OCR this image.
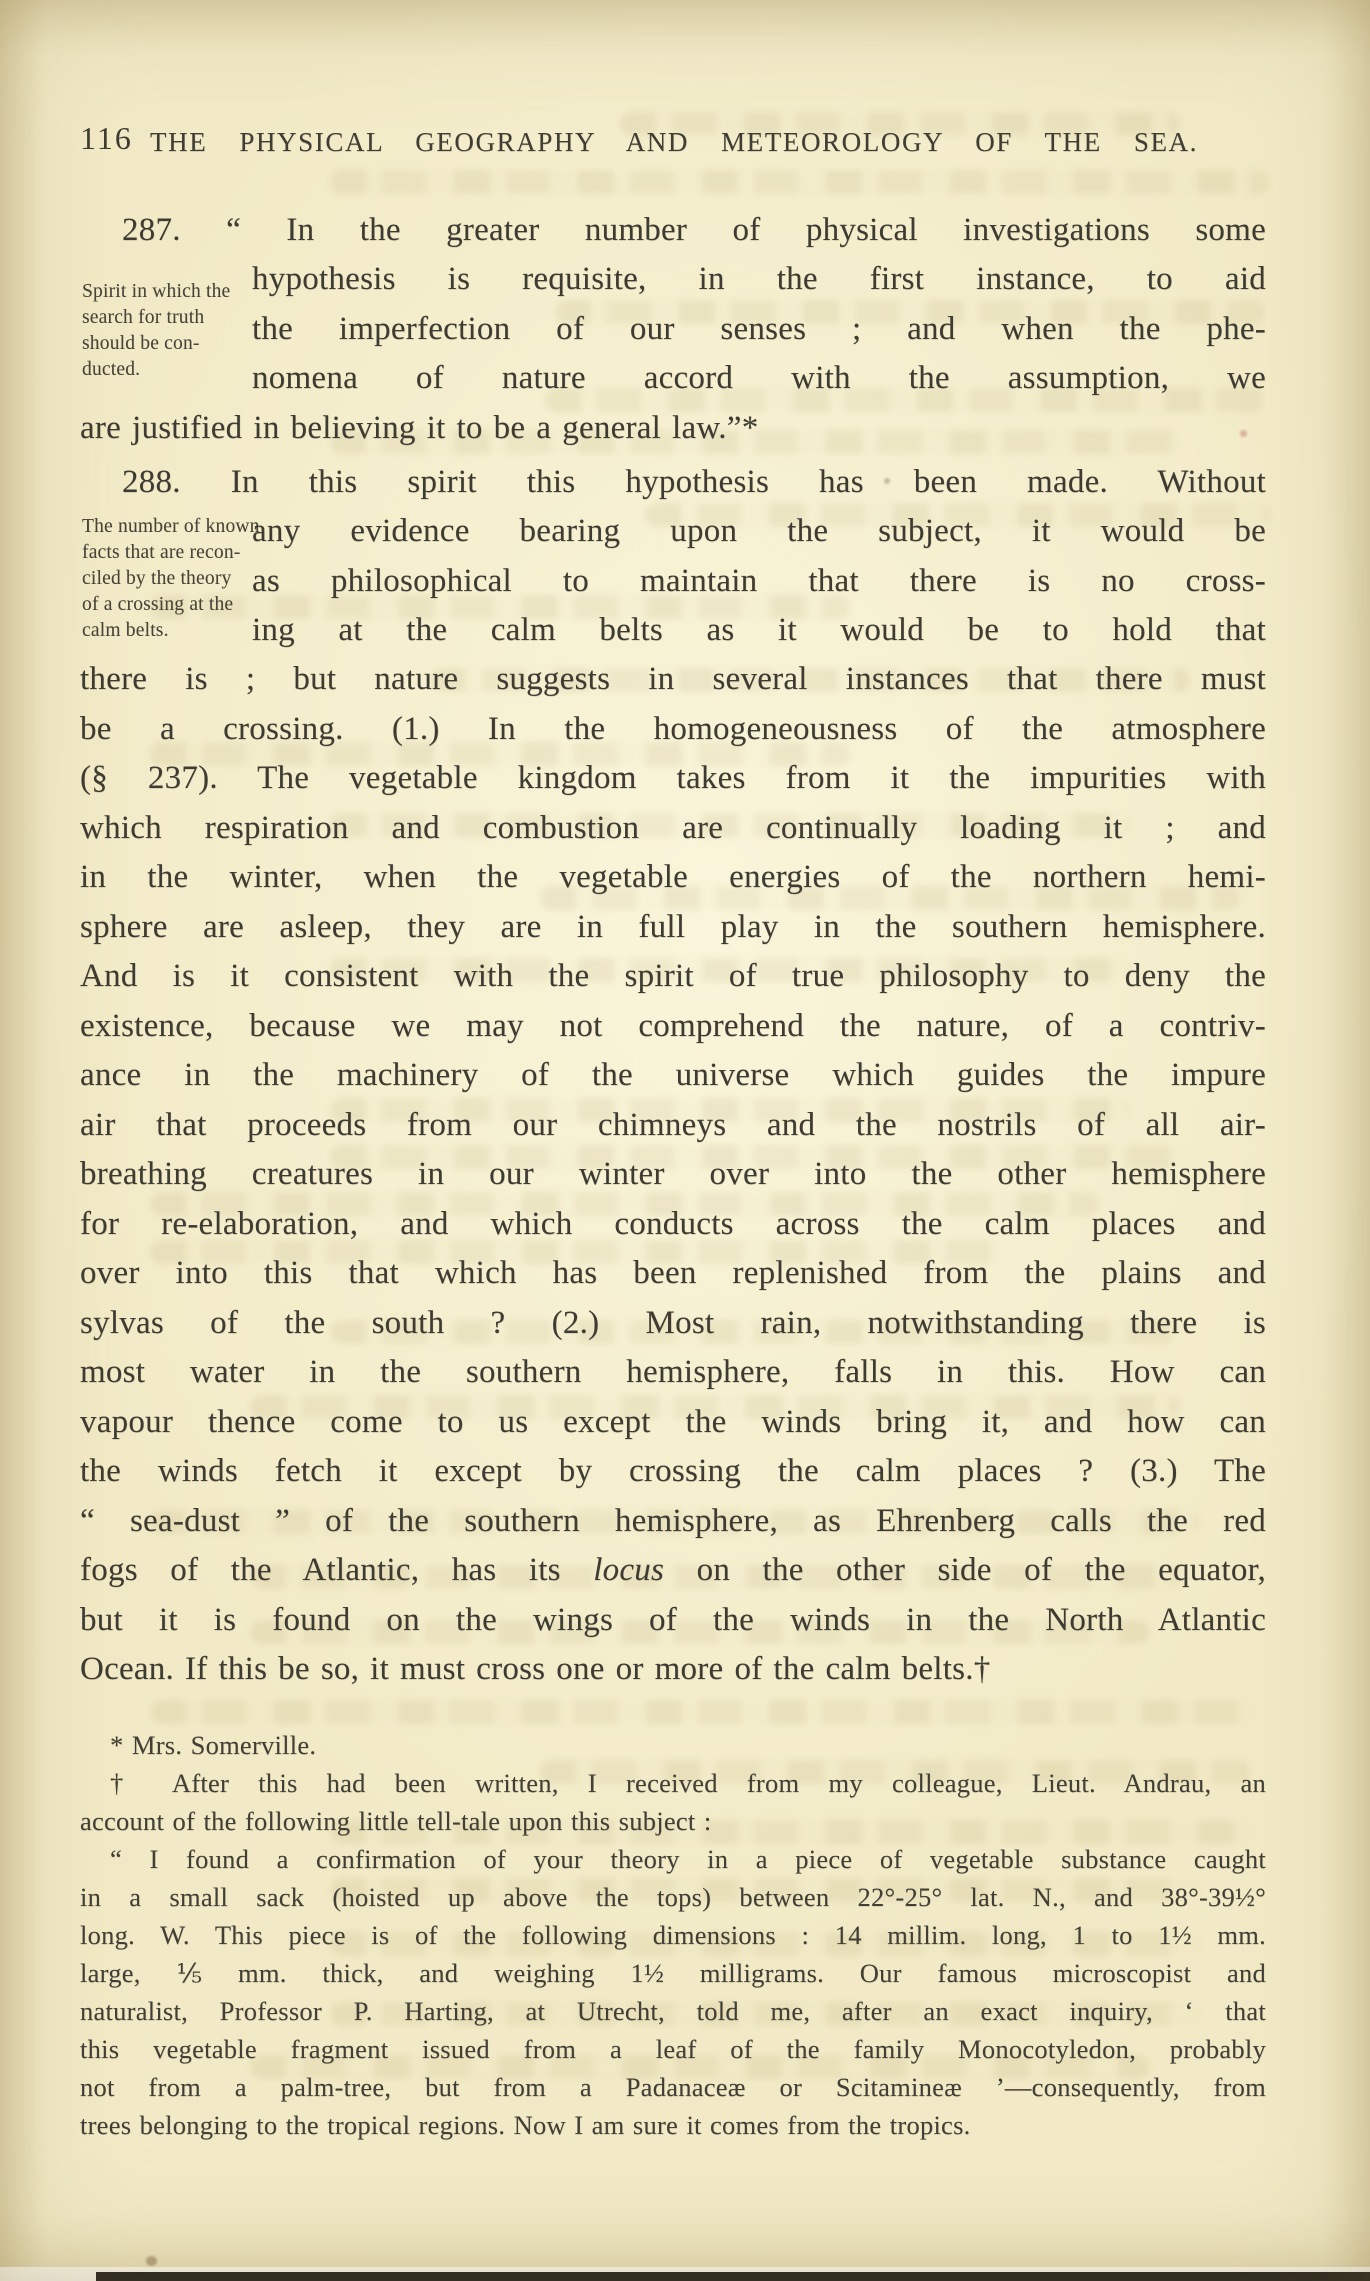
116 THE PHYSICAL GEOGRAPHY AND METEOROLOGY OF THE SEA.
Spirit in which the
search for truth
should be con-
ducted.
The number of known
facts that are recon-
ciled by the theory
of a crossing at the
calm belts.
287. “ In the greater number of physical investigations some
hypothesis is requisite, in the first instance, to aid
the imperfection of our senses ; and when the phe-
nomena of nature accord with the assumption, we
are justified in believing it to be a general law.”*
288. In this spirit this hypothesis has been made. Without
any evidence bearing upon the subject, it would be
as philosophical to maintain that there is no cross-
ing at the calm belts as it would be to hold that
there is ; but nature suggests in several instances that there must
be a crossing. (1.) In the homogeneousness of the atmosphere
(§ 237). The vegetable kingdom takes from it the impurities with
which respiration and combustion are continually loading it ; and
in the winter, when the vegetable energies of the northern hemi-
sphere are asleep, they are in full play in the southern hemisphere.
And is it consistent with the spirit of true philosophy to deny the
existence, because we may not comprehend the nature, of a contriv-
ance in the machinery of the universe which guides the impure
air that proceeds from our chimneys and the nostrils of all air-
breathing creatures in our winter over into the other hemisphere
for re-elaboration, and which conducts across the calm places and
over into this that which has been replenished from the plains and
sylvas of the south ? (2.) Most rain, notwithstanding there is
most water in the southern hemisphere, falls in this. How can
vapour thence come to us except the winds bring it, and how can
the winds fetch it except by crossing the calm places ? (3.) The
“ sea-dust ” of the southern hemisphere, as Ehrenberg calls the red
fogs of the Atlantic, has its locus on the other side of the equator,
but it is found on the wings of the winds in the North Atlantic
Ocean. If this be so, it must cross one or more of the calm belts.†
* Mrs. Somerville.
† After this had been written, I received from my colleague, Lieut. Andrau, an
account of the following little tell-tale upon this subject :
“ I found a confirmation of your theory in a piece of vegetable substance caught
in a small sack (hoisted up above the tops) between 22°-25° lat. N., and 38°-39½°
long. W. This piece is of the following dimensions : 14 millim. long, 1 to 1½ mm.
large, ⅕ mm. thick, and weighing 1½ milligrams. Our famous microscopist and
naturalist, Professor P. Harting, at Utrecht, told me, after an exact inquiry, ‘ that
this vegetable fragment issued from a leaf of the family Monocotyledon, probably
not from a palm-tree, but from a Padanaceæ or Scitamineæ ’—consequently, from
trees belonging to the tropical regions. Now I am sure it comes from the tropics.
